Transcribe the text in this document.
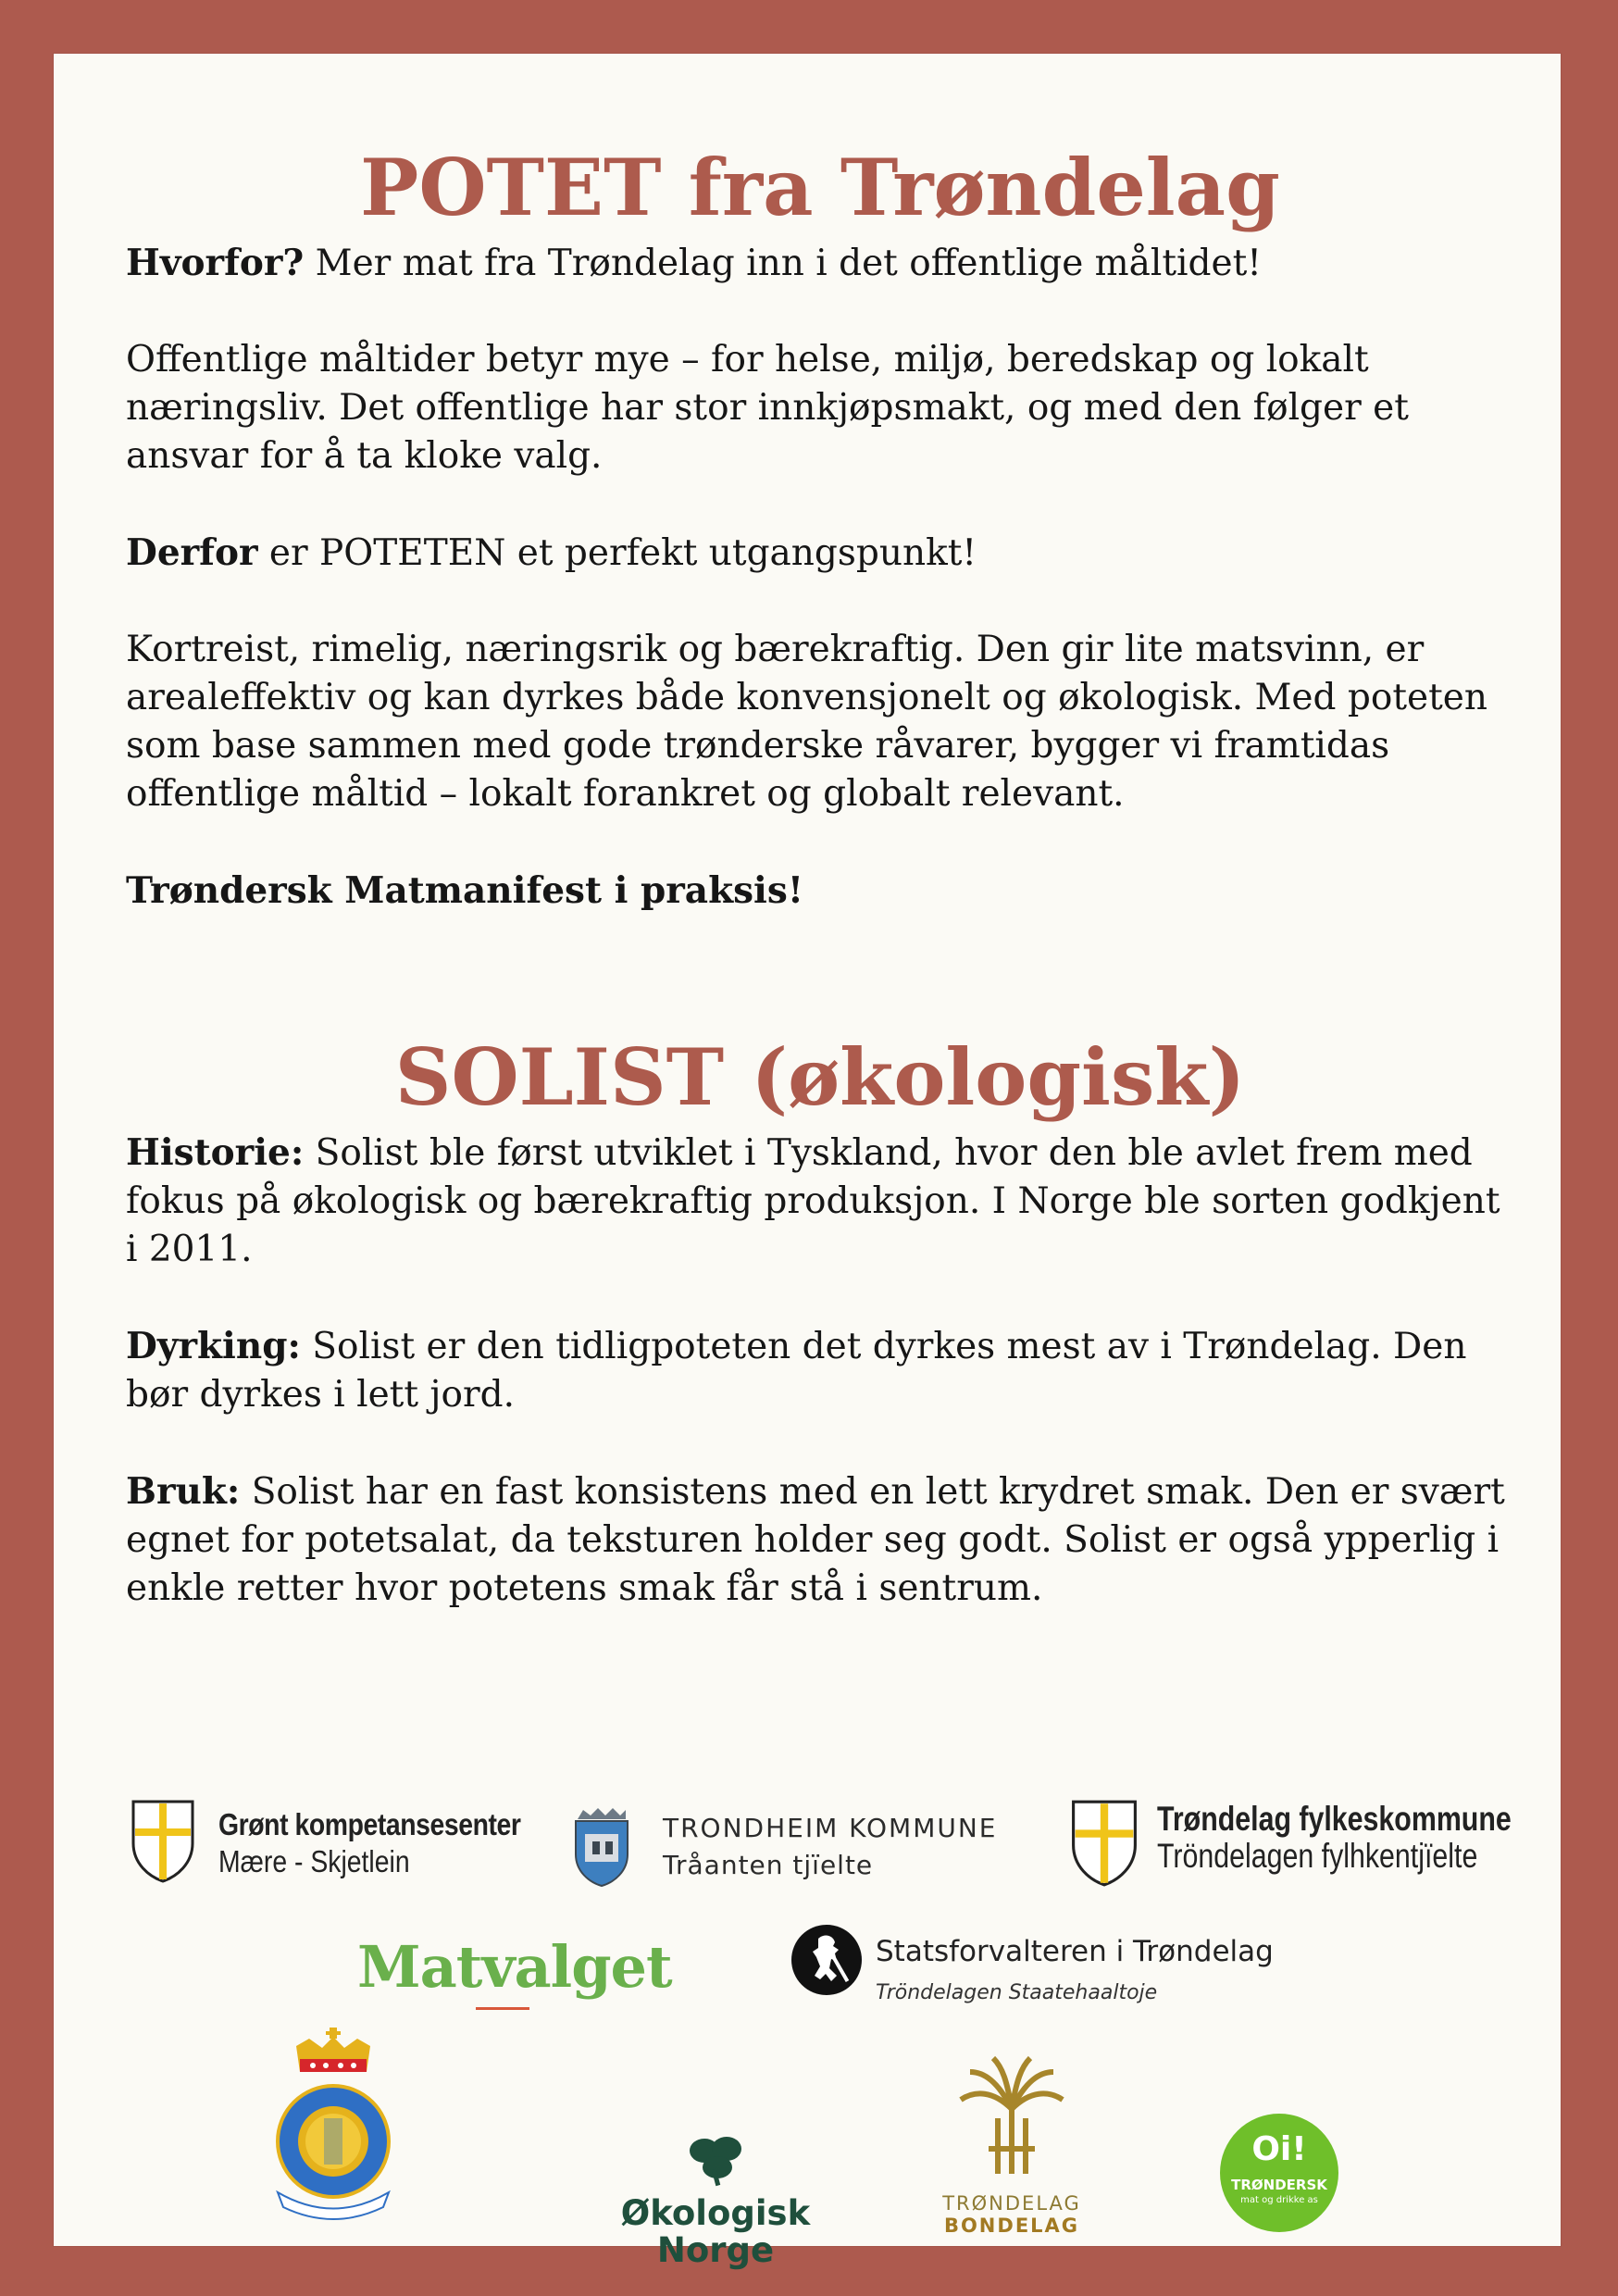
POTET fra Trøndelag

Hvorfor? Mer mat fra Trøndelag inn i det offentlige måltidet!

Offentlige måltider betyr mye – for helse, miljø, beredskap og lokalt næringsliv. Det offentlige har stor innkjøpsmakt, og med den følger et ansvar for å ta kloke valg.

Derfor er POTETEN et perfekt utgangspunkt!

Kortreist, rimelig, næringsrik og bærekraftig. Den gir lite matsvinn, er arealeffektiv og kan dyrkes både konvensjonelt og økologisk. Med poteten som base sammen med gode trønderske råvarer, bygger vi framtidas offentlige måltid – lokalt forankret og globalt relevant.

Trøndersk Matmanifest i praksis!

SOLIST (økologisk)

Historie: Solist ble først utviklet i Tyskland, hvor den ble avlet frem med fokus på økologisk og bærekraftig produksjon. I Norge ble sorten godkjent i 2011.

Dyrking: Solist er den tidligpoteten det dyrkes mest av i Trøndelag. Den bør dyrkes i lett jord.

Bruk: Solist har en fast konsistens med en lett krydret smak. Den er svært egnet for potetsalat, da teksturen holder seg godt. Solist er også ypperlig i enkle retter hvor potetens smak får stå i sentrum.

Grønt kompetansesenter
Mære - Skjetlein
TRONDHEIM KOMMUNE
Tråanten tjïelte
Trøndelag fylkeskommune
Tröndelagen fylhkentjïelte
Matvalget	Statsforvalteren i Trøndelag
Tröndelagen Staatehaaltoje
Økologisk
Norge
TRØNDELAG
BONDELAG
Oi!
TRØNDERSK
mat og drikke as
